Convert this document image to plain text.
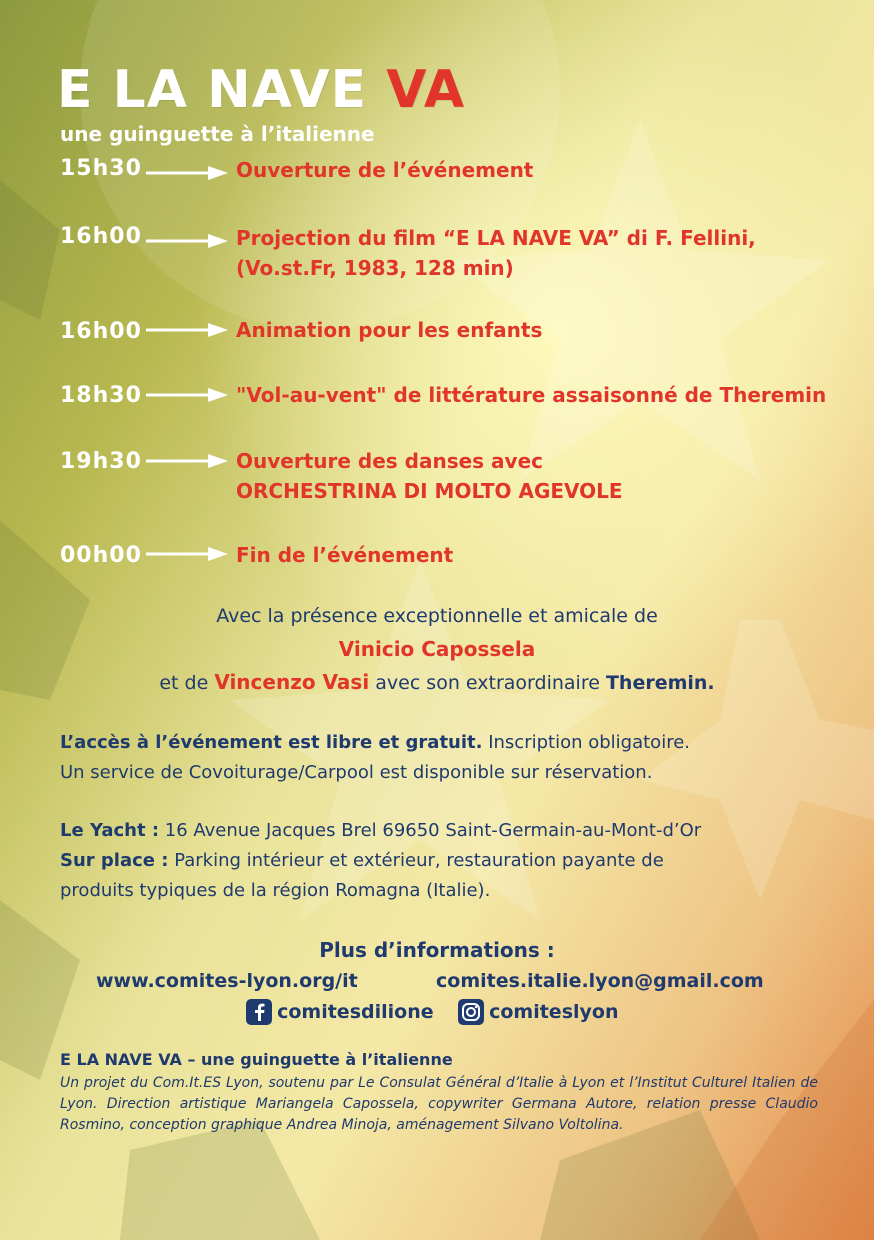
E LA NAVE VA
une guinguette à l’italienne
15h30	Ouverture de l’événement
16h00	Projection du film “E LA NAVE VA” di F. Fellini,
(Vo.st.Fr, 1983, 128 min)
16h00	Animation pour les enfants
18h30	"Vol-au-vent" de littérature assaisonné de Theremin
19h30	Ouverture des danses avec
ORCHESTRINA DI MOLTO AGEVOLE
00h00	Fin de l’événement
Avec la présence exceptionnelle et amicale de
Vinicio Capossela
et de Vincenzo Vasi avec son extraordinaire Theremin.
L’accès à l’événement est libre et gratuit. Inscription obligatoire.
Un service de Covoiturage/Carpool est disponible sur réservation.
Le Yacht : 16 Avenue Jacques Brel 69650 Saint-Germain-au-Mont-d’Or
Sur place : Parking intérieur et extérieur, restauration payante de
produits typiques de la région Romagna (Italie).
Plus d’informations :
www.comites-lyon.org/it	comites.italie.lyon@gmail.com
comitesdilione	comiteslyon
E LA NAVE VA – une guinguette à l’italienne
Un projet du Com.It.ES Lyon, soutenu par Le Consulat Général d’Italie à Lyon et l’Institut Culturel Italien de Lyon. Direction artistique Mariangela Capossela, copywriter Germana Autore, relation presse Claudio Rosmino, conception graphique Andrea Minoja, aménagement Silvano Voltolina.
